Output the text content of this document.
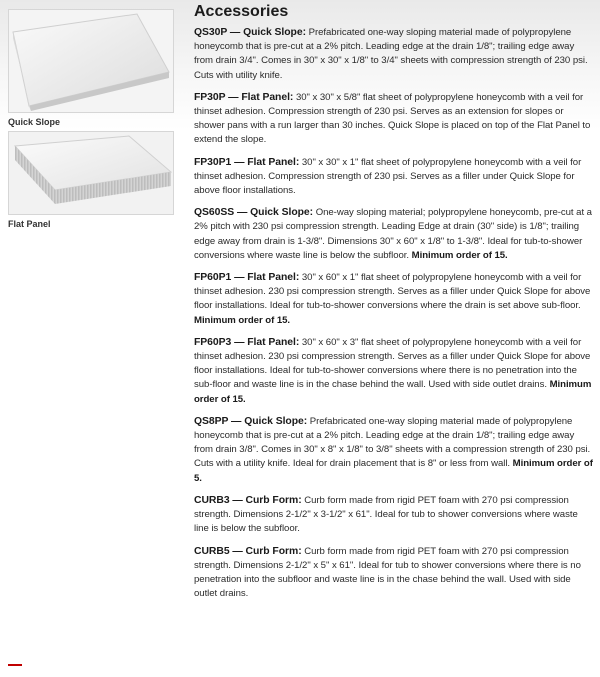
Quick Slope
Flat Panel
Accessories

QS30P — Quick Slope: Prefabricated one-way sloping material made of polypropylene honeycomb that is pre-cut at a 2% pitch. Leading edge at the drain 1/8"; trailing edge away from drain 3/4". Comes in 30" x 30" x 1/8" to 3/4" sheets with compression strength of 230 psi. Cuts with utility knife.

FP30P — Flat Panel: 30" x 30" x 5/8" flat sheet of polypropylene honeycomb with a veil for thinset adhesion. Compression strength of 230 psi. Serves as an extension for slopes or shower pans with a run larger than 30 inches. Quick Slope is placed on top of the Flat Panel to extend the slope.

FP30P1 — Flat Panel: 30" x 30" x 1" flat sheet of polypropylene honeycomb with a veil for thinset adhesion. Compression strength of 230 psi. Serves as a filler under Quick Slope for above floor installations.

QS60SS — Quick Slope: One-way sloping material; polypropylene honeycomb, pre-cut at a 2% pitch with 230 psi compression strength. Leading Edge at drain (30" side) is 1/8"; trailing edge away from drain is 1-3/8". Dimensions 30" x 60" x 1/8" to 1-3/8". Ideal for tub-to-shower conversions where waste line is below the subfloor. Minimum order of 15.

FP60P1 — Flat Panel: 30" x 60" x 1" flat sheet of polypropylene honeycomb with a veil for thinset adhesion. 230 psi compression strength. Serves as a filler under Quick Slope for above floor installations. Ideal for tub-to-shower conversions where the drain is set above sub-floor. Minimum order of 15.

FP60P3 — Flat Panel: 30" x 60" x 3" flat sheet of polypropylene honeycomb with a veil for thinset adhesion. 230 psi compression strength. Serves as a filler under Quick Slope for above floor installations. Ideal for tub-to-shower conversions where there is no penetration into the sub-floor and waste line is in the chase behind the wall. Used with side outlet drains. Minimum order of 15.

QS8PP — Quick Slope: Prefabricated one-way sloping material made of polypropylene honeycomb that is pre-cut at a 2% pitch. Leading edge at the drain 1/8"; trailing edge away from drain 3/8". Comes in 30" x 8" x 1/8" to 3/8" sheets with a compression strength of 230 psi. Cuts with a utility knife. Ideal for drain placement that is 8" or less from wall. Minimum order of 5.

CURB3 — Curb Form: Curb form made from rigid PET foam with 270 psi compression strength. Dimensions 2-1/2" x 3-1/2" x 61". Ideal for tub to shower conversions where waste line is below the subfloor.

CURB5 — Curb Form: Curb form made from rigid PET foam with 270 psi compression strength. Dimensions 2-1/2" x 5" x 61". Ideal for tub to shower conversions where there is no penetration into the subfloor and waste line is in the chase behind the wall. Used with side outlet drains.
